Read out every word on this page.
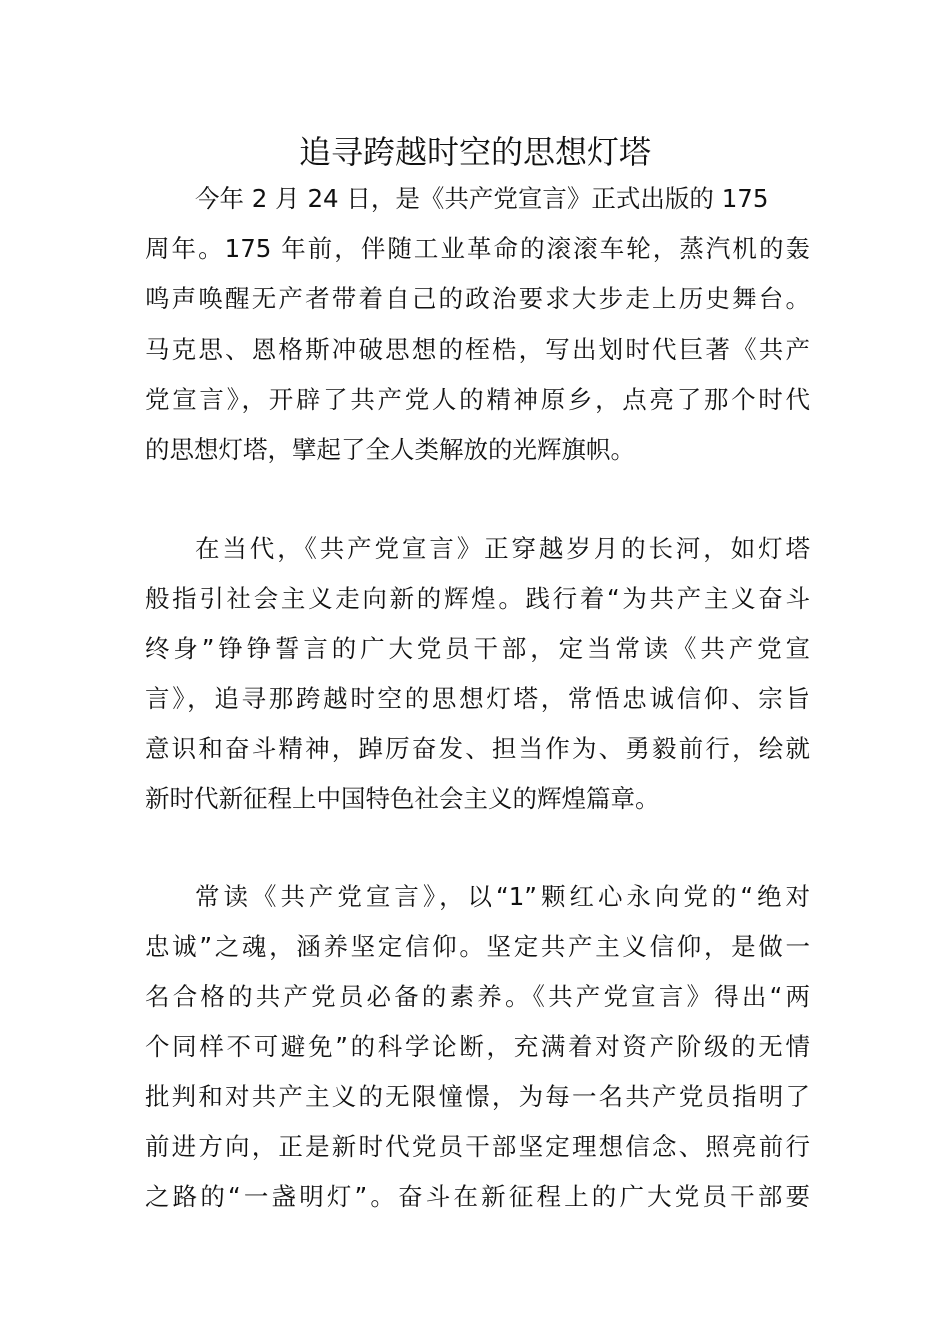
追寻跨越时空的思想灯塔

今年 2 月 24 日，是《共产党宣言》正式出版的 175

周年。175 年前，伴随工业革命的滚滚车轮，蒸汽机的轰

鸣声唤醒无产者带着自己的政治要求大步走上历史舞台。

马克思、恩格斯冲破思想的桎梏，写出划时代巨著《共产

党宣言》，开辟了共产党人的精神原乡，点亮了那个时代

的思想灯塔，擘起了全人类解放的光辉旗帜。

在当代，《共产党宣言》正穿越岁月的长河，如灯塔

般指引社会主义走向新的辉煌。践行着“为共产主义奋斗

终身”铮铮誓言的广大党员干部，定当常读《共产党宣

言》，追寻那跨越时空的思想灯塔，常悟忠诚信仰、宗旨

意识和奋斗精神，踔厉奋发、担当作为、勇毅前行，绘就

新时代新征程上中国特色社会主义的辉煌篇章。

常读《共产党宣言》，以“1”颗红心永向党的“绝对

忠诚”之魂，涵养坚定信仰。坚定共产主义信仰，是做一

名合格的共产党员必备的素养。《共产党宣言》得出“两

个同样不可避免”的科学论断，充满着对资产阶级的无情

批判和对共产主义的无限憧憬，为每一名共产党员指明了

前进方向，正是新时代党员干部坚定理想信念、照亮前行

之路的“一盏明灯”。奋斗在新征程上的广大党员干部要
